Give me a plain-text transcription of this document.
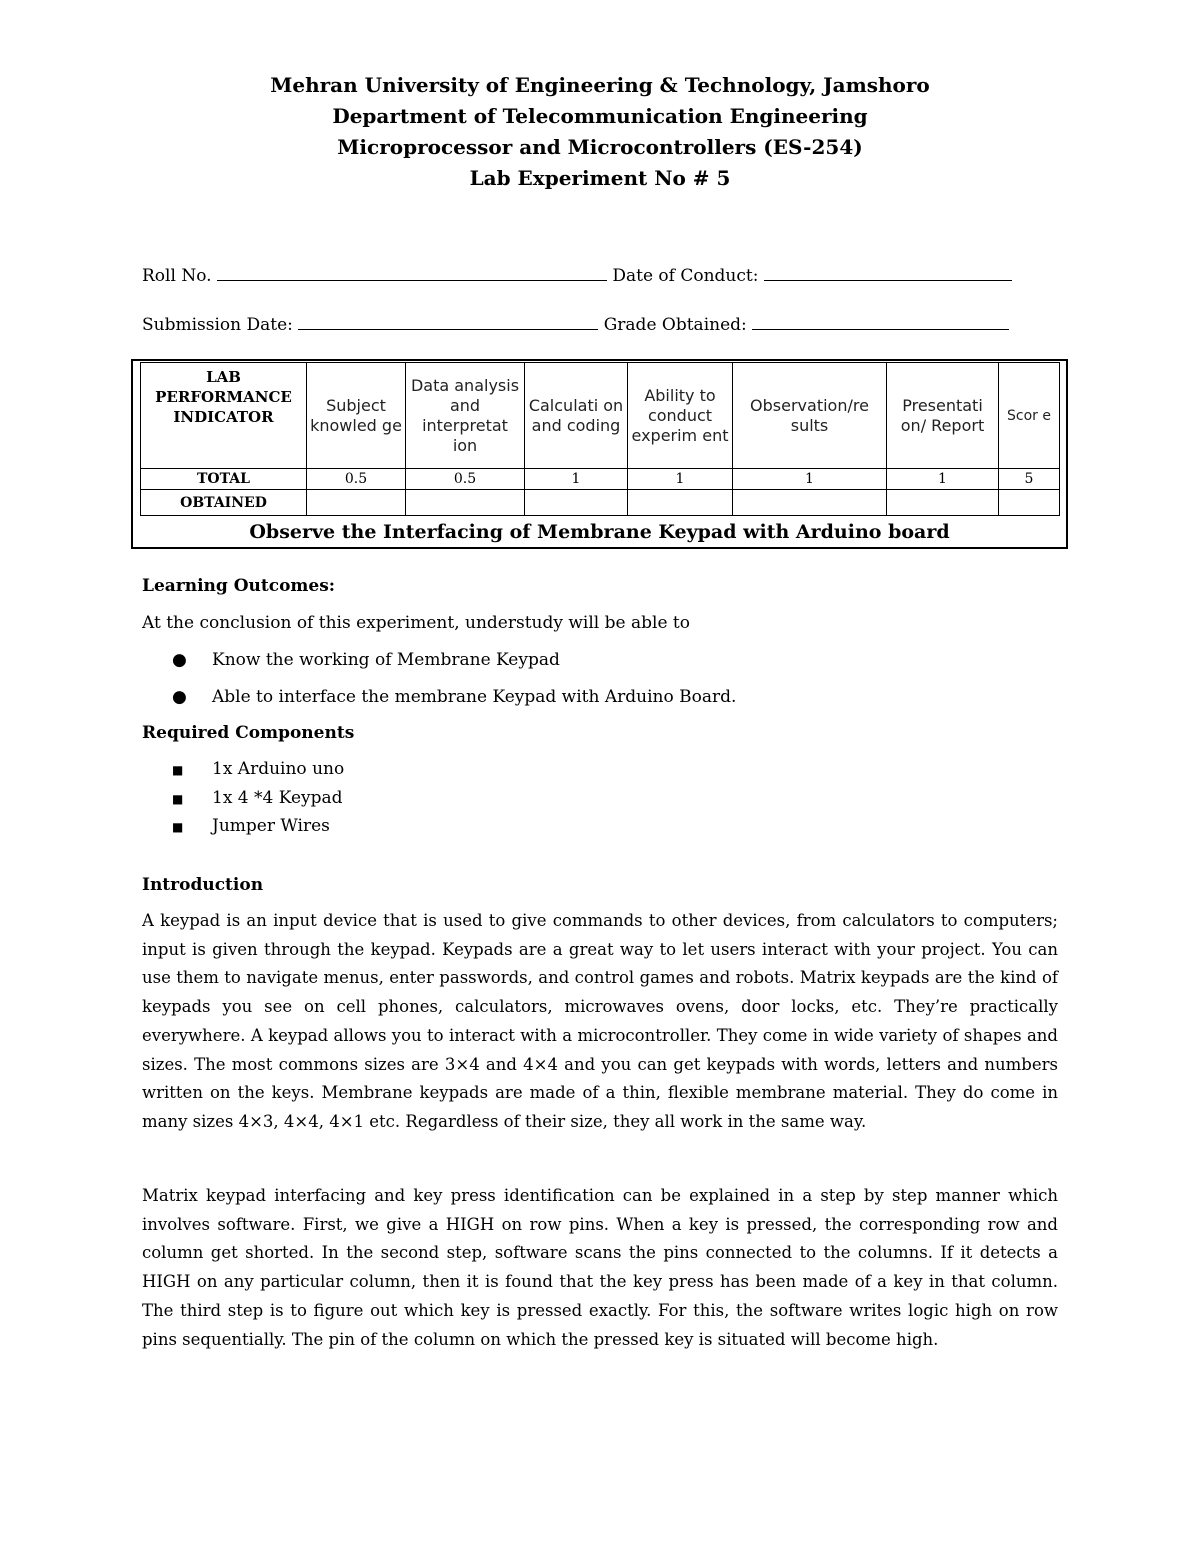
Mehran University of Engineering & Technology, Jamshoro
Department of Telecommunication Engineering
Microprocessor and Microcontrollers (ES-254)
Lab Experiment No # 5
Roll No.	Date of Conduct:
Submission Date:	Grade Obtained:
LAB PERFORMANCE INDICATOR	Subject knowled ge	Data analysis and interpretat ion	Calculati on and coding	Ability to conduct experim ent	Observation/re sults	Presentati on/ Report	Scor e
TOTAL	0.5	0.5	1	1	1	1	5
OBTAINED							
Observe the Interfacing of Membrane Keypad with Arduino board
Learning Outcomes:
At the conclusion of this experiment, understudy will be able to
● Know the working of Membrane Keypad
● Able to interface the membrane Keypad with Arduino Board.
Required Components
■ 1x Arduino uno
■ 1x 4 *4 Keypad
■ Jumper Wires
Introduction
A keypad is an input device that is used to give commands to other devices, from calculators to computers; input is given through the keypad. Keypads are a great way to let users interact with your project. You can use them to navigate menus, enter passwords, and control games and robots. Matrix keypads are the kind of keypads you see on cell phones, calculators, microwaves ovens, door locks, etc. They’re practically everywhere. A keypad allows you to interact with a microcontroller. They come in wide variety of shapes and sizes. The most commons sizes are 3×4 and 4×4 and you can get keypads with words, letters and numbers written on the keys. Membrane keypads are made of a thin, flexible membrane material. They do come in many sizes 4×3, 4×4, 4×1 etc. Regardless of their size, they all work in the same way.
Matrix keypad interfacing and key press identification can be explained in a step by step manner which involves software. First, we give a HIGH on row pins. When a key is pressed, the corresponding row and column get shorted. In the second step, software scans the pins connected to the columns. If it detects a HIGH on any particular column, then it is found that the key press has been made of a key in that column. The third step is to figure out which key is pressed exactly. For this, the software writes logic high on row pins sequentially. The pin of the column on which the pressed key is situated will become high.
